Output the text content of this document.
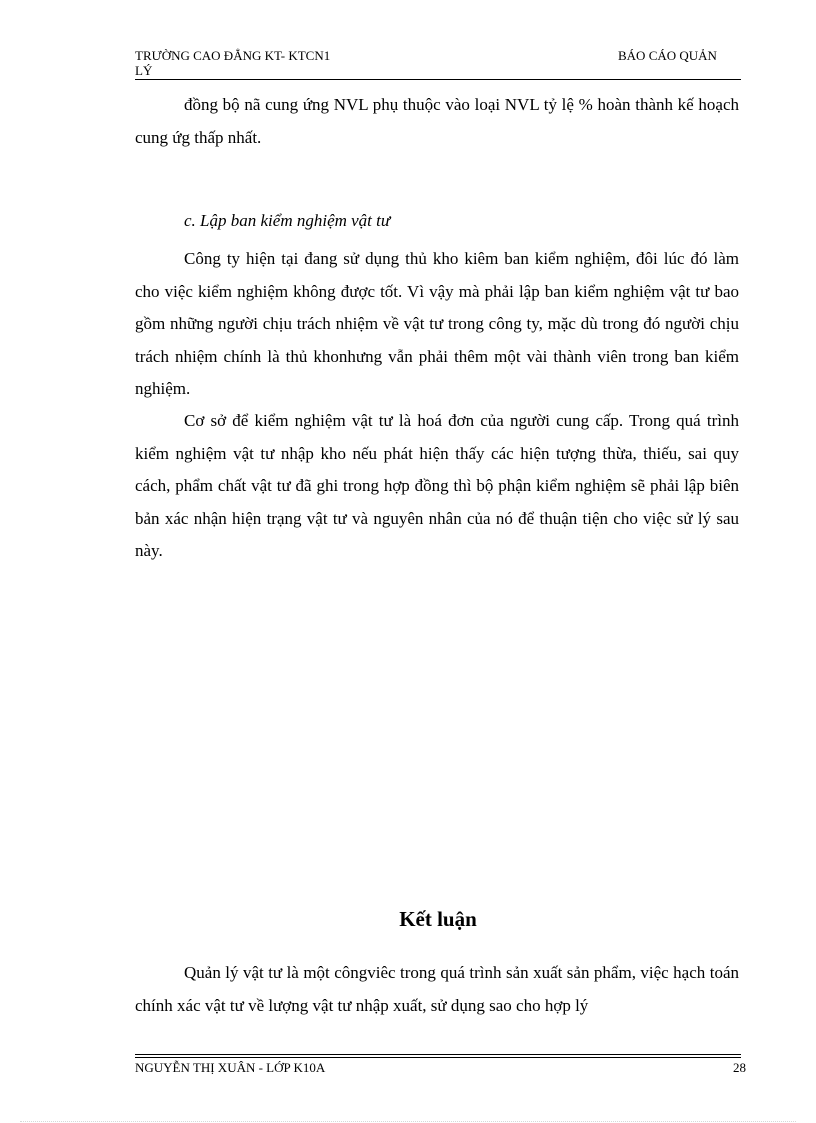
TRƯỜNG CAO ĐẲNG KT- KTCN1	BÁO CÁO QUẢN
LÝ
đồng bộ nã cung ứng NVL phụ thuộc vào loại NVL tỷ lệ % hoàn thành kế hoạch cung ứg thấp nhất.
c. Lập ban kiểm nghiệm vật tư
Công ty hiện tại đang sử dụng thủ kho kiêm ban kiểm nghiệm, đôi lúc đó làm cho việc kiểm nghiệm không được tốt. Vì vậy mà phải lập ban kiểm nghiệm vật tư bao gồm những người chịu trách nhiệm về vật tư trong công ty, mặc dù trong đó người chịu trách nhiệm chính là thủ khonhưng vẫn phải thêm một vài thành viên trong ban kiểm nghiệm.
Cơ sở để kiểm nghiệm vật tư là hoá đơn của người cung cấp. Trong quá trình kiểm nghiệm vật tư nhập kho nếu phát hiện thấy các hiện tượng thừa, thiếu, sai quy cách, phẩm chất vật tư đã ghi trong hợp đồng thì bộ phận kiểm nghiệm sẽ phải lập biên bản xác nhận hiện trạng vật tư và nguyên nhân của nó để thuận tiện cho việc sử lý sau này.
Kết luận
Quản lý vật tư là một côngviêc trong quá trình sản xuất sản phẩm, việc hạch toán chính xác vật tư về lượng vật tư nhập xuất, sử dụng sao cho hợp lý
NGUYỄN THỊ XUÂN - LỚP K10A	28
